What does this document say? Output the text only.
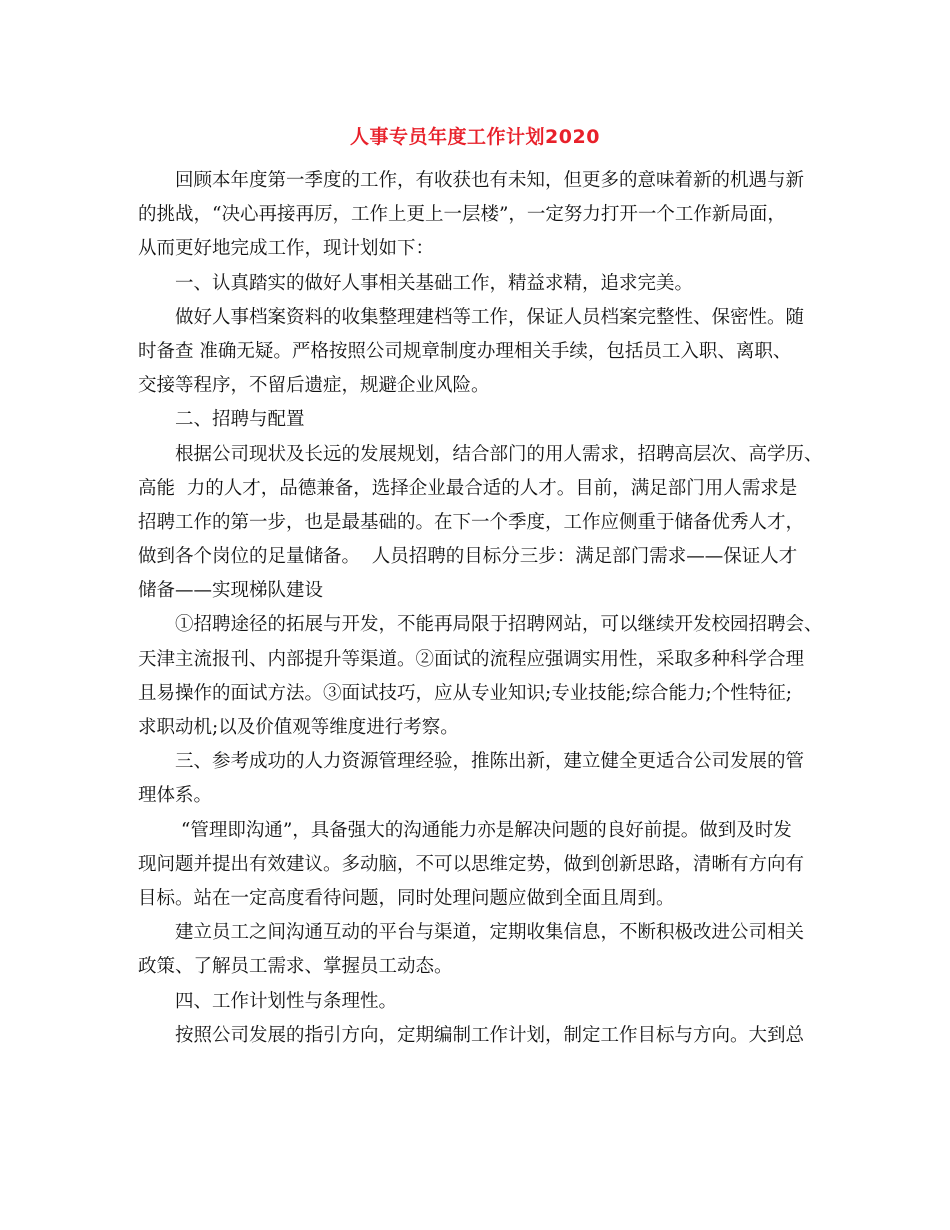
人事专员年度工作计划2020
回顾本年度第一季度的工作，有收获也有未知，但更多的意味着新的机遇与新
的挑战，“决心再接再厉，工作上更上一层楼”，一定努力打开一个工作新局面，
从而更好地完成工作，现计划如下：
一、认真踏实的做好人事相关基础工作，精益求精，追求完美。
做好人事档案资料的收集整理建档等工作，保证人员档案完整性、保密性。随
时备查 准确无疑。严格按照公司规章制度办理相关手续，包括员工入职、离职、
交接等程序，不留后遗症，规避企业风险。
二、招聘与配置
根据公司现状及长远的发展规划，结合部门的用人需求，招聘高层次、高学历、
高能  力的人才，品德兼备，选择企业最合适的人才。目前，满足部门用人需求是
招聘工作的第一步，也是最基础的。在下一个季度，工作应侧重于储备优秀人才，
做到各个岗位的足量储备。  人员招聘的目标分三步：满足部门需求——保证人才
储备——实现梯队建设
①招聘途径的拓展与开发，不能再局限于招聘网站，可以继续开发校园招聘会、
天津主流报刊、内部提升等渠道。②面试的流程应强调实用性，采取多种科学合理
且易操作的面试方法。③面试技巧，应从专业知识;专业技能;综合能力;个性特征;
求职动机;以及价值观等维度进行考察。
三、参考成功的人力资源管理经验，推陈出新，建立健全更适合公司发展的管
理体系。
“管理即沟通”，具备强大的沟通能力亦是解决问题的良好前提。做到及时发
现问题并提出有效建议。多动脑，不可以思维定势，做到创新思路，清晰有方向有
目标。站在一定高度看待问题，同时处理问题应做到全面且周到。
建立员工之间沟通互动的平台与渠道，定期收集信息，不断积极改进公司相关
政策、了解员工需求、掌握员工动态。
四、工作计划性与条理性。
按照公司发展的指引方向，定期编制工作计划，制定工作目标与方向。大到总
